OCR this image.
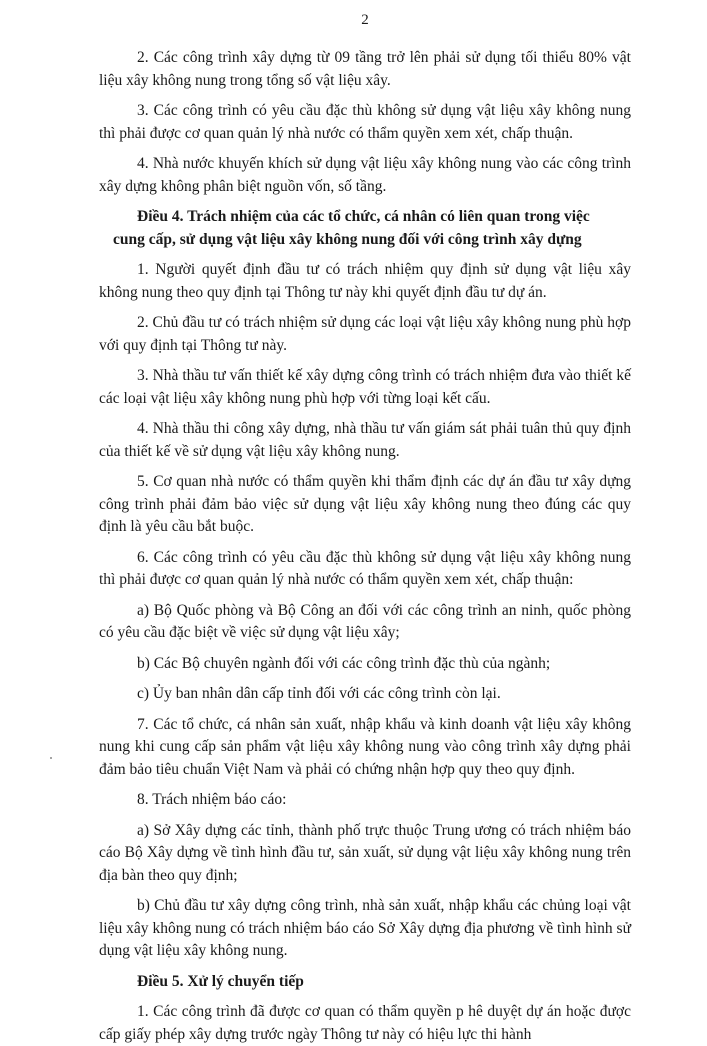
2

2. Các công trình xây dựng từ 09 tầng trở lên phải sử dụng tối thiểu 80% vật liệu xây không nung trong tổng số vật liệu xây.

3. Các công trình có yêu cầu đặc thù không sử dụng vật liệu xây không nung thì phải được cơ quan quản lý nhà nước có thẩm quyền xem xét, chấp thuận.

4. Nhà nước khuyến khích sử dụng vật liệu xây không nung vào các công trình xây dựng không phân biệt nguồn vốn, số tầng.

Điều 4. Trách nhiệm của các tổ chức, cá nhân có liên quan trong việc
cung cấp, sử dụng vật liệu xây không nung đối với công trình xây dựng

1. Người quyết định đầu tư có trách nhiệm quy định sử dụng vật liệu xây không nung theo quy định tại Thông tư này khi quyết định đầu tư dự án.

2. Chủ đầu tư có trách nhiệm sử dụng các loại vật liệu xây không nung phù hợp với quy định tại Thông tư này.

3. Nhà thầu tư vấn thiết kế xây dựng công trình có trách nhiệm đưa vào thiết kế các loại vật liệu xây không nung phù hợp với từng loại kết cấu.

4. Nhà thầu thi công xây dựng, nhà thầu tư vấn giám sát phải tuân thủ quy định của thiết kế về sử dụng vật liệu xây không nung.

5. Cơ quan nhà nước có thẩm quyền khi thẩm định các dự án đầu tư xây dựng công trình phải đảm bảo việc sử dụng vật liệu xây không nung theo đúng các quy định là yêu cầu bắt buộc.

6. Các công trình có yêu cầu đặc thù không sử dụng vật liệu xây không nung thì phải được cơ quan quản lý nhà nước có thẩm quyền xem xét, chấp thuận:

a) Bộ Quốc phòng và Bộ Công an đối với các công trình an ninh, quốc phòng có yêu cầu đặc biệt về việc sử dụng vật liệu xây;

b) Các Bộ chuyên ngành đối với các công trình đặc thù của ngành;

c) Ủy ban nhân dân cấp tỉnh đối với các công trình còn lại.

7. Các tổ chức, cá nhân sản xuất, nhập khẩu và kinh doanh vật liệu xây không nung khi cung cấp sản phẩm vật liệu xây không nung vào công trình xây dựng phải đảm bảo tiêu chuẩn Việt Nam và phải có chứng nhận hợp quy theo quy định.

8. Trách nhiệm báo cáo:

a) Sở Xây dựng các tỉnh, thành phố trực thuộc Trung ương có trách nhiệm báo cáo Bộ Xây dựng về tình hình đầu tư, sản xuất, sử dụng vật liệu xây không nung trên địa bàn theo quy định;

b) Chủ đầu tư xây dựng công trình, nhà sản xuất, nhập khẩu các chủng loại vật liệu xây không nung có trách nhiệm báo cáo Sở Xây dựng địa phương về tình hình sử dụng vật liệu xây không nung.

Điều 5. Xử lý chuyển tiếp

1. Các công trình đã được cơ quan có thẩm quyền p hê duyệt dự án hoặc được cấp giấy phép xây dựng trước ngày Thông tư này có hiệu lực thi hành
